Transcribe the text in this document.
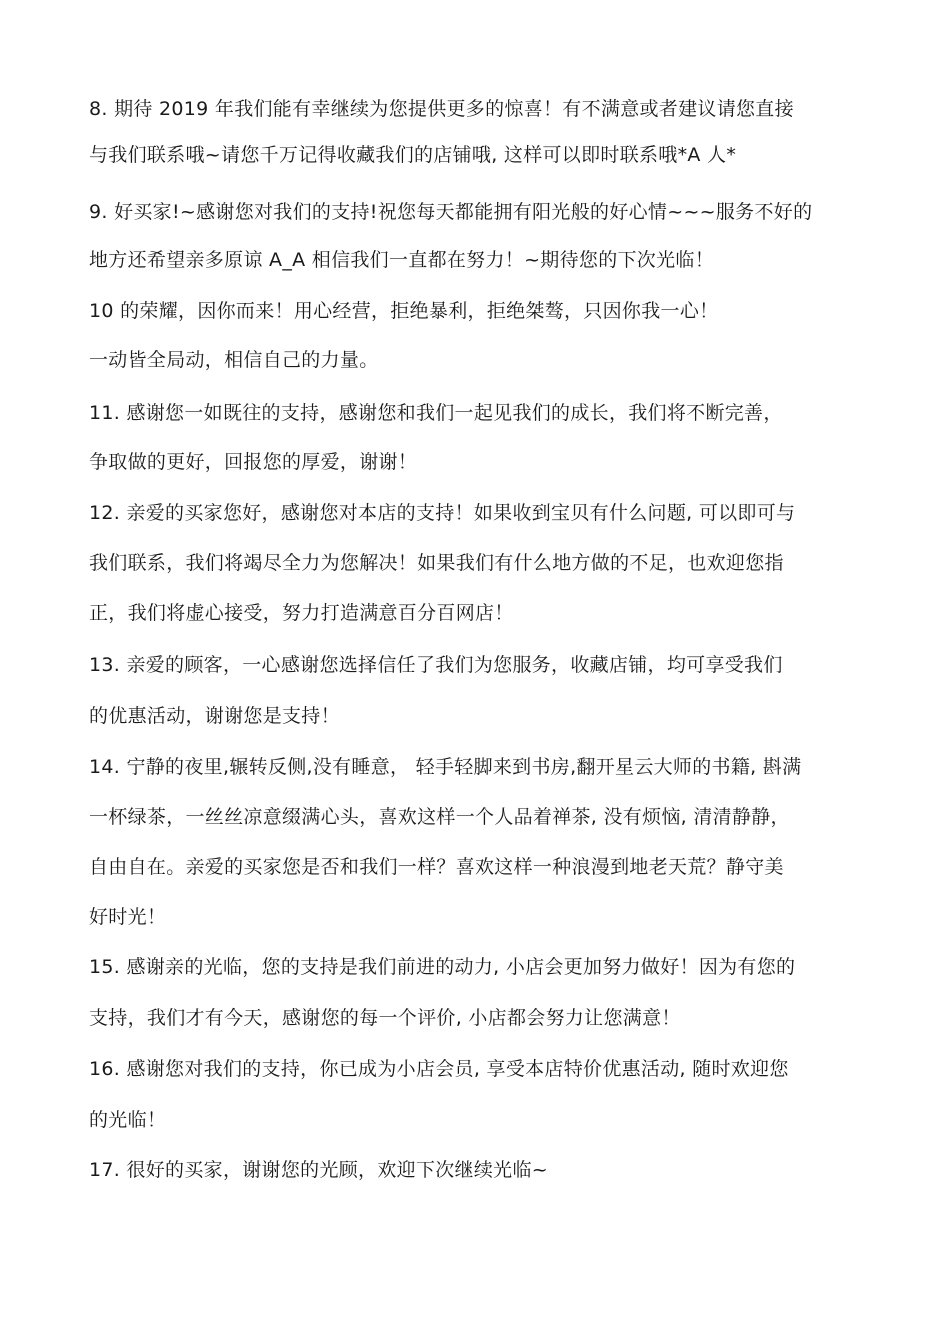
8. 期待 2019 年我们能有幸继续为您提供更多的惊喜！有不满意或者建议请您直接
与我们联系哦~请您千万记得收藏我们的店铺哦, 这样可以即时联系哦*A 人*
9. 好买家!~感谢您对我们的支持!祝您每天都能拥有阳光般的好心情~~~服务不好的
地方还希望亲多原谅 A_A 相信我们一直都在努力！~期待您的下次光临！
10 的荣耀，因你而来！用心经营，拒绝暴利，拒绝桀骜，只因你我一心！
一动皆全局动，相信自己的力量。
11. 感谢您一如既往的支持，感谢您和我们一起见我们的成长，我们将不断完善，
争取做的更好，回报您的厚爱，谢谢！
12. 亲爱的买家您好，感谢您对本店的支持！如果收到宝贝有什么问题, 可以即可与
我们联系，我们将竭尽全力为您解决！如果我们有什么地方做的不足，也欢迎您指
正，我们将虚心接受，努力打造满意百分百网店！
13. 亲爱的顾客，一心感谢您选择信任了我们为您服务，收藏店铺，均可享受我们
的优惠活动，谢谢您是支持！
14. 宁静的夜里,辗转反侧,没有睡意， 轻手轻脚来到书房,翻开星云大师的书籍, 斟满
一杯绿茶，一丝丝凉意缀满心头，喜欢这样一个人品着禅茶, 没有烦恼, 清清静静，
自由自在。亲爱的买家您是否和我们一样？喜欢这样一种浪漫到地老天荒？静守美
好时光！
15. 感谢亲的光临，您的支持是我们前进的动力, 小店会更加努力做好！因为有您的
支持，我们才有今天，感谢您的每一个评价, 小店都会努力让您满意！
16. 感谢您对我们的支持，你已成为小店会员, 享受本店特价优惠活动, 随时欢迎您
的光临！
17. 很好的买家，谢谢您的光顾，欢迎下次继续光临~
